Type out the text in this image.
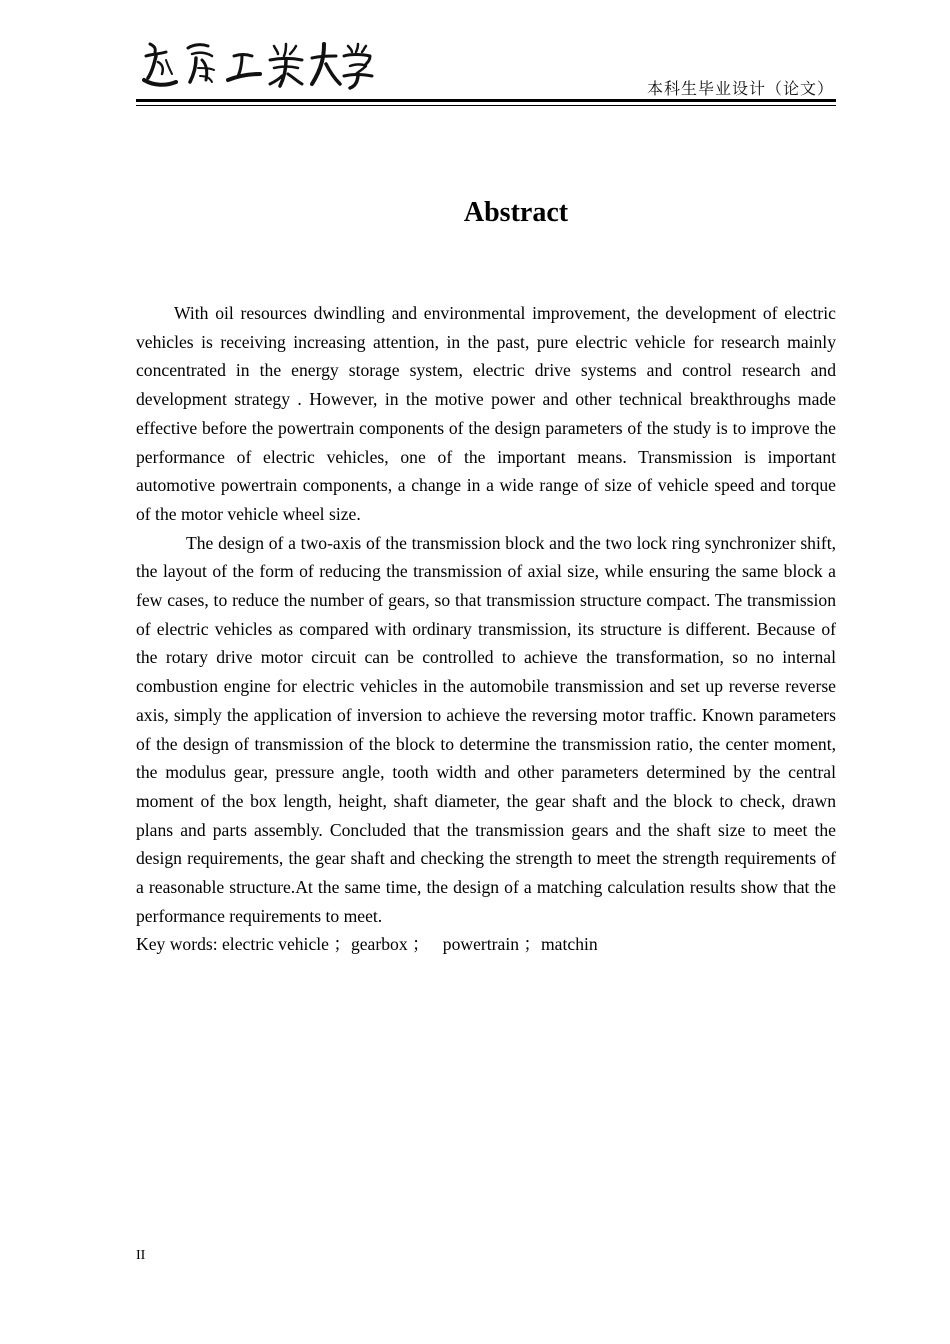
本科生毕业设计（论文）
Abstract

With oil resources dwindling and environmental improvement, the development of electric vehicles is receiving increasing attention, in the past, pure electric vehicle for research mainly concentrated in the energy storage system, electric drive systems and control research and development strategy . However, in the motive power and other technical breakthroughs made effective before the powertrain components of the design parameters of the study is to improve the performance of electric vehicles, one of the important means. Transmission is important automotive powertrain components, a change in a wide range of size of vehicle speed and torque of the motor vehicle wheel size.

The design of a two-axis of the transmission block and the two lock ring synchronizer shift, the layout of the form of reducing the transmission of axial size, while ensuring the same block a few cases, to reduce the number of gears, so that transmission structure compact. The transmission of electric vehicles as compared with ordinary transmission, its structure is different. Because of the rotary drive motor circuit can be controlled to achieve the transformation, so no internal combustion engine for electric vehicles in the automobile transmission and set up reverse reverse axis, simply the application of inversion to achieve the reversing motor traffic. Known parameters of the design of transmission of the block to determine the transmission ratio, the center moment, the modulus gear, pressure angle, tooth width and other parameters determined by the central moment of the box length, height, shaft diameter, the gear shaft and the block to check, drawn plans and parts assembly. Concluded that the transmission gears and the shaft size to meet the design requirements, the gear shaft and checking the strength to meet the strength requirements of a reasonable structure.At the same time, the design of a matching calculation results show that the performance requirements to meet.

Key words: electric vehicle ；gearbox ；   powertrain ；matchin

II
